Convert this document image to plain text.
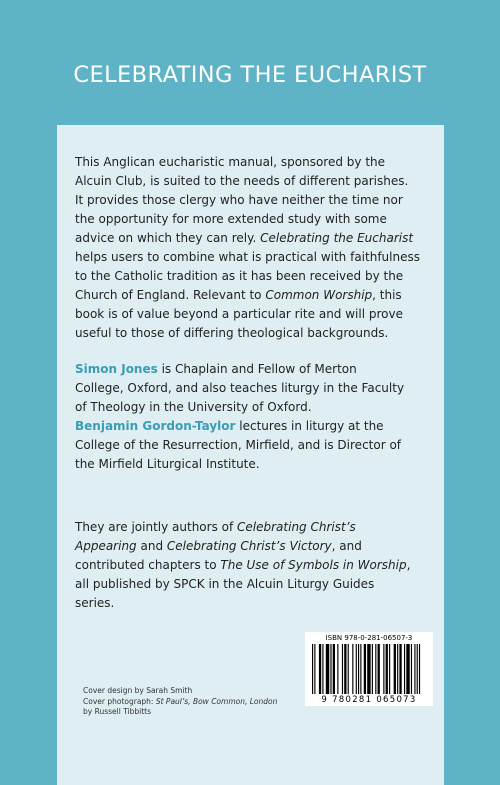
CELEBRATING THE EUCHARIST

This Anglican eucharistic manual, sponsored by the
Alcuin Club, is suited to the needs of different parishes.
It provides those clergy who have neither the time nor
the opportunity for more extended study with some
advice on which they can rely. Celebrating the Eucharist
helps users to combine what is practical with faithfulness
to the Catholic tradition as it has been received by the
Church of England. Relevant to Common Worship, this
book is of value beyond a particular rite and will prove
useful to those of differing theological backgrounds.

Simon Jones is Chaplain and Fellow of Merton
College, Oxford, and also teaches liturgy in the Faculty
of Theology in the University of Oxford.
Benjamin Gordon-Taylor lectures in liturgy at the
College of the Resurrection, Mirfield, and is Director of
the Mirfield Liturgical Institute.

They are jointly authors of Celebrating Christ’s
Appearing and Celebrating Christ’s Victory, and
contributed chapters to The Use of Symbols in Worship,
all published by SPCK in the Alcuin Liturgy Guides
series.

ISBN 978-0-281-06507-3
9 780281 065073
Cover design by Sarah Smith
Cover photograph: St Paul’s, Bow Common, London
by Russell Tibbitts
